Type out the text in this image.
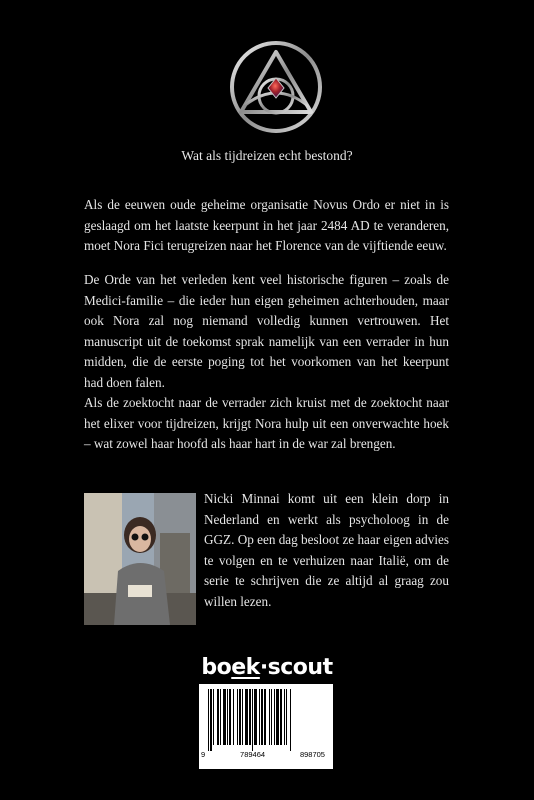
Wat als tijdreizen echt bestond?

Als de eeuwen oude geheime organisatie Novus Ordo er niet in is geslaagd om het laatste keerpunt in het jaar 2484 AD te veranderen, moet Nora Fici terugreizen naar het Florence van de vijftiende eeuw.

De Orde van het verleden kent veel historische figuren – zoals de Medici-familie – die ieder hun eigen geheimen achterhouden, maar ook Nora zal nog niemand volledig kunnen vertrouwen. Het manuscript uit de toekomst sprak namelijk van een verrader in hun midden, die de eerste poging tot het voorkomen van het keerpunt had doen falen.

Als de zoektocht naar de verrader zich kruist met de zoektocht naar het elixer voor tijdreizen, krijgt Nora hulp uit een onverwachte hoek – wat zowel haar hoofd als haar hart in de war zal brengen.

Nicki Minnai komt uit een klein dorp in Nederland en werkt als psycholoog in de GGZ. Op een dag besloot ze haar eigen advies te volgen en te verhuizen naar Italië, om de serie te schrijven die ze altijd al graag zou willen lezen.

boek·scout
9	789464	898705
